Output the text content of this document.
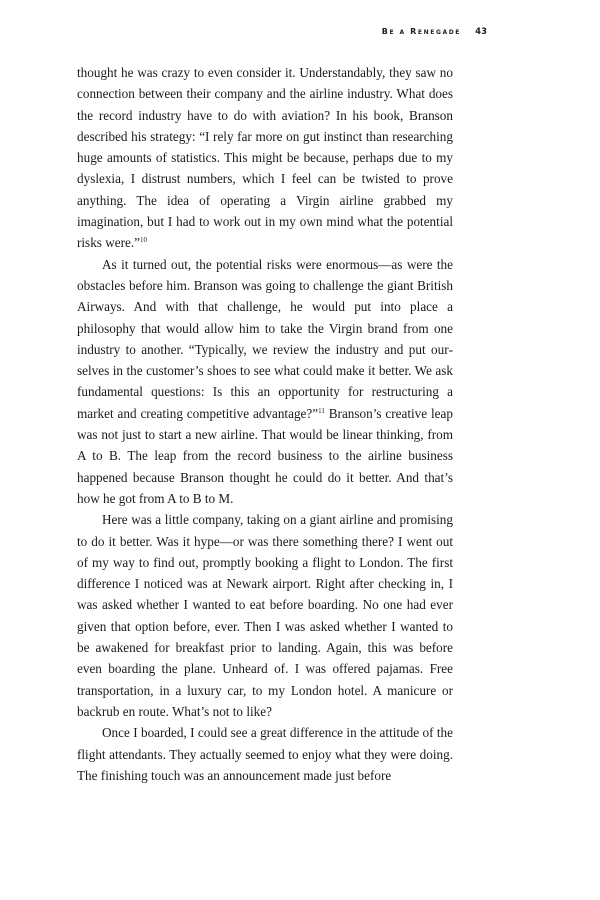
Be a Renegade 43

thought he was crazy to even consider it. Understandably, they saw no connection between their company and the airline industry. What does the record industry have to do with aviation? In his book, Branson described his strategy: “I rely far more on gut instinct than researching huge amounts of statistics. This might be because, perhaps due to my dyslexia, I distrust numbers, which I feel can be twisted to prove anything. The idea of operating a Virgin airline grabbed my imagination, but I had to work out in my own mind what the potential risks were.”$^{10}$

As it turned out, the potential risks were enormous—as were the obstacles before him. Branson was going to challenge the giant British Airways. And with that challenge, he would put into place a philosophy that would allow him to take the Virgin brand from one industry to another. “Typically, we review the industry and put ourselves in the customer’s shoes to see what could make it better. We ask fundamental questions: Is this an opportunity for restructuring a market and creating competitive advantage?”$^{11}$ Branson’s creative leap was not just to start a new airline. That would be linear thinking, from A to B. The leap from the record business to the airline business happened because Branson thought he could do it better. And that’s how he got from A to B to M.

Here was a little company, taking on a giant airline and promising to do it better. Was it hype—or was there something there? I went out of my way to find out, promptly booking a flight to London. The first difference I noticed was at Newark airport. Right after checking in, I was asked whether I wanted to eat before boarding. No one had ever given that option before, ever. Then I was asked whether I wanted to be awakened for breakfast prior to landing. Again, this was before even boarding the plane. Unheard of. I was offered pajamas. Free transportation, in a luxury car, to my London hotel. A manicure or backrub en route. What’s not to like?

Once I boarded, I could see a great difference in the attitude of the flight attendants. They actually seemed to enjoy what they were doing. The finishing touch was an announcement made just before
